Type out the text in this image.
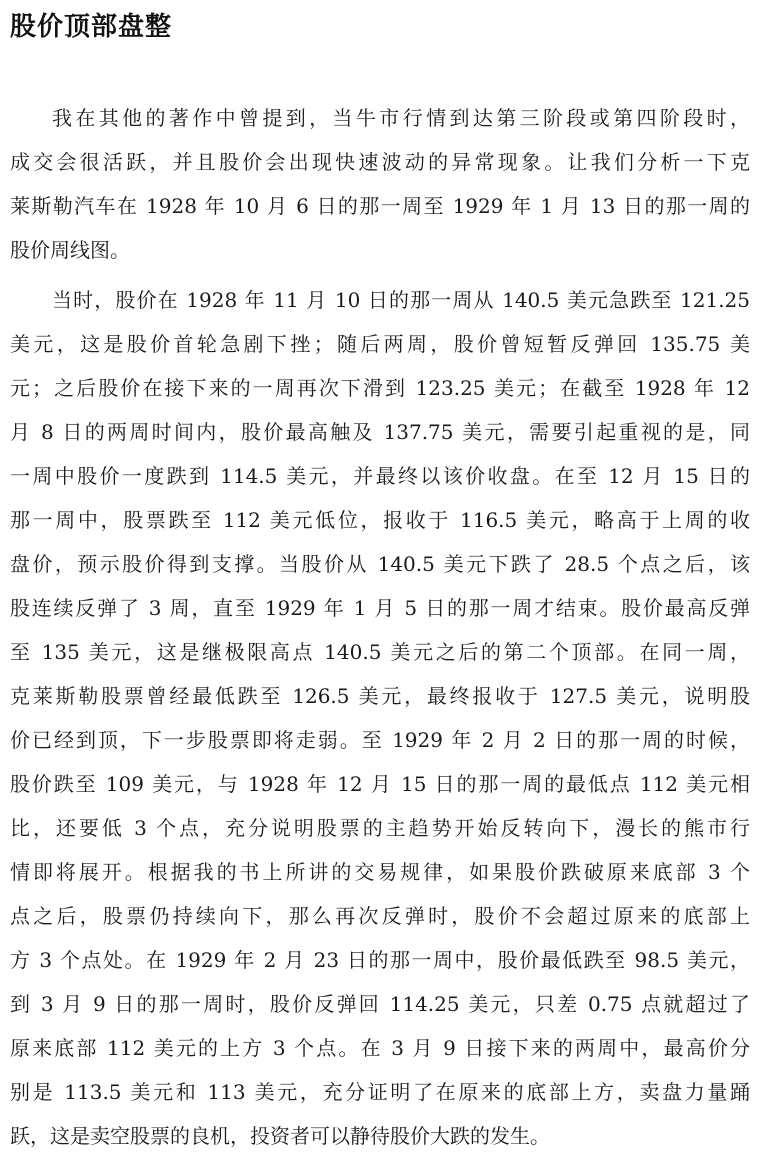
股价顶部盘整
我在其他的著作中曾提到，当牛市行情到达第三阶段或第四阶段时，
成交会很活跃，并且股价会出现快速波动的异常现象。让我们分析一下克
莱斯勒汽车在 1928 年 10 月 6 日的那一周至 1929 年 1 月 13 日的那一周的
股价周线图。
当时，股价在 1928 年 11 月 10 日的那一周从 140.5 美元急跌至 121.25
美元，这是股价首轮急剧下挫；随后两周，股价曾短暂反弹回 135.75 美
元；之后股价在接下来的一周再次下滑到 123.25 美元；在截至 1928 年 12
月 8 日的两周时间内，股价最高触及 137.75 美元，需要引起重视的是，同
一周中股价一度跌到 114.5 美元，并最终以该价收盘。在至 12 月 15 日的
那一周中，股票跌至 112 美元低位，报收于 116.5 美元，略高于上周的收
盘价，预示股价得到支撑。当股价从 140.5 美元下跌了 28.5 个点之后，该
股连续反弹了 3 周，直至 1929 年 1 月 5 日的那一周才结束。股价最高反弹
至 135 美元，这是继极限高点 140.5 美元之后的第二个顶部。在同一周，
克莱斯勒股票曾经最低跌至 126.5 美元，最终报收于 127.5 美元，说明股
价已经到顶，下一步股票即将走弱。至 1929 年 2 月 2 日的那一周的时候，
股价跌至 109 美元，与 1928 年 12 月 15 日的那一周的最低点 112 美元相
比，还要低 3 个点，充分说明股票的主趋势开始反转向下，漫长的熊市行
情即将展开。根据我的书上所讲的交易规律，如果股价跌破原来底部 3 个
点之后，股票仍持续向下，那么再次反弹时，股价不会超过原来的底部上
方 3 个点处。在 1929 年 2 月 23 日的那一周中，股价最低跌至 98.5 美元，
到 3 月 9 日的那一周时，股价反弹回 114.25 美元，只差 0.75 点就超过了
原来底部 112 美元的上方 3 个点。在 3 月 9 日接下来的两周中，最高价分
别是 113.5 美元和 113 美元，充分证明了在原来的底部上方，卖盘力量踊
跃，这是卖空股票的良机，投资者可以静待股价大跌的发生。
